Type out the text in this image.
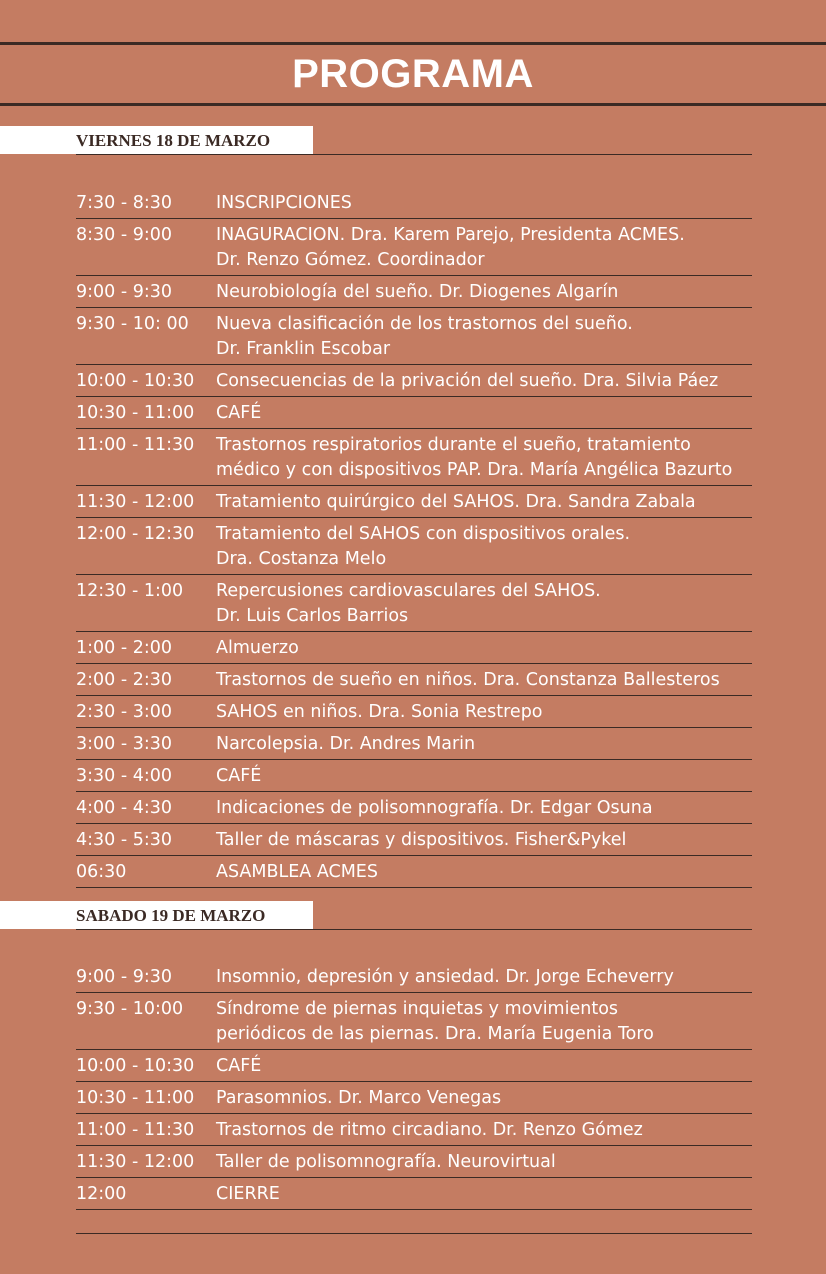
PROGRAMA
VIERNES 18 DE MARZO
7:30 - 8:30	INSCRIPCIONES
8:30 - 9:00	INAGURACION. Dra. Karem Parejo, Presidenta ACMES.
Dr. Renzo Gómez. Coordinador
9:00 - 9:30	Neurobiología del sueño. Dr. Diogenes Algarín
9:30 - 10: 00	Nueva clasificación de los trastornos del sueño.
Dr. Franklin Escobar
10:00 - 10:30	Consecuencias de la privación del sueño. Dra. Silvia Páez
10:30 - 11:00	CAFÉ
11:00 - 11:30	Trastornos respiratorios durante el sueño, tratamiento
médico y con dispositivos PAP. Dra. María Angélica Bazurto
11:30 - 12:00	Tratamiento quirúrgico del SAHOS. Dra. Sandra Zabala
12:00 - 12:30	Tratamiento del SAHOS con dispositivos orales.
Dra. Costanza Melo
12:30 - 1:00	Repercusiones cardiovasculares del SAHOS.
Dr. Luis Carlos Barrios
1:00 - 2:00	Almuerzo
2:00 - 2:30	Trastornos de sueño en niños. Dra. Constanza Ballesteros
2:30 - 3:00	SAHOS en niños. Dra. Sonia Restrepo
3:00 - 3:30	Narcolepsia. Dr. Andres Marin
3:30 - 4:00	CAFÉ
4:00 - 4:30	Indicaciones de polisomnografía. Dr. Edgar Osuna
4:30 - 5:30	Taller de máscaras y dispositivos. Fisher&Pykel
06:30	ASAMBLEA ACMES
SABADO 19 DE MARZO
9:00 - 9:30	Insomnio, depresión y ansiedad. Dr. Jorge Echeverry
9:30 - 10:00	Síndrome de piernas inquietas y movimientos
periódicos de las piernas. Dra. María Eugenia Toro
10:00 - 10:30	CAFÉ
10:30 - 11:00	Parasomnios. Dr. Marco Venegas
11:00 - 11:30	Trastornos de ritmo circadiano. Dr. Renzo Gómez
11:30 - 12:00	Taller de polisomnografía. Neurovirtual
12:00	CIERRE
